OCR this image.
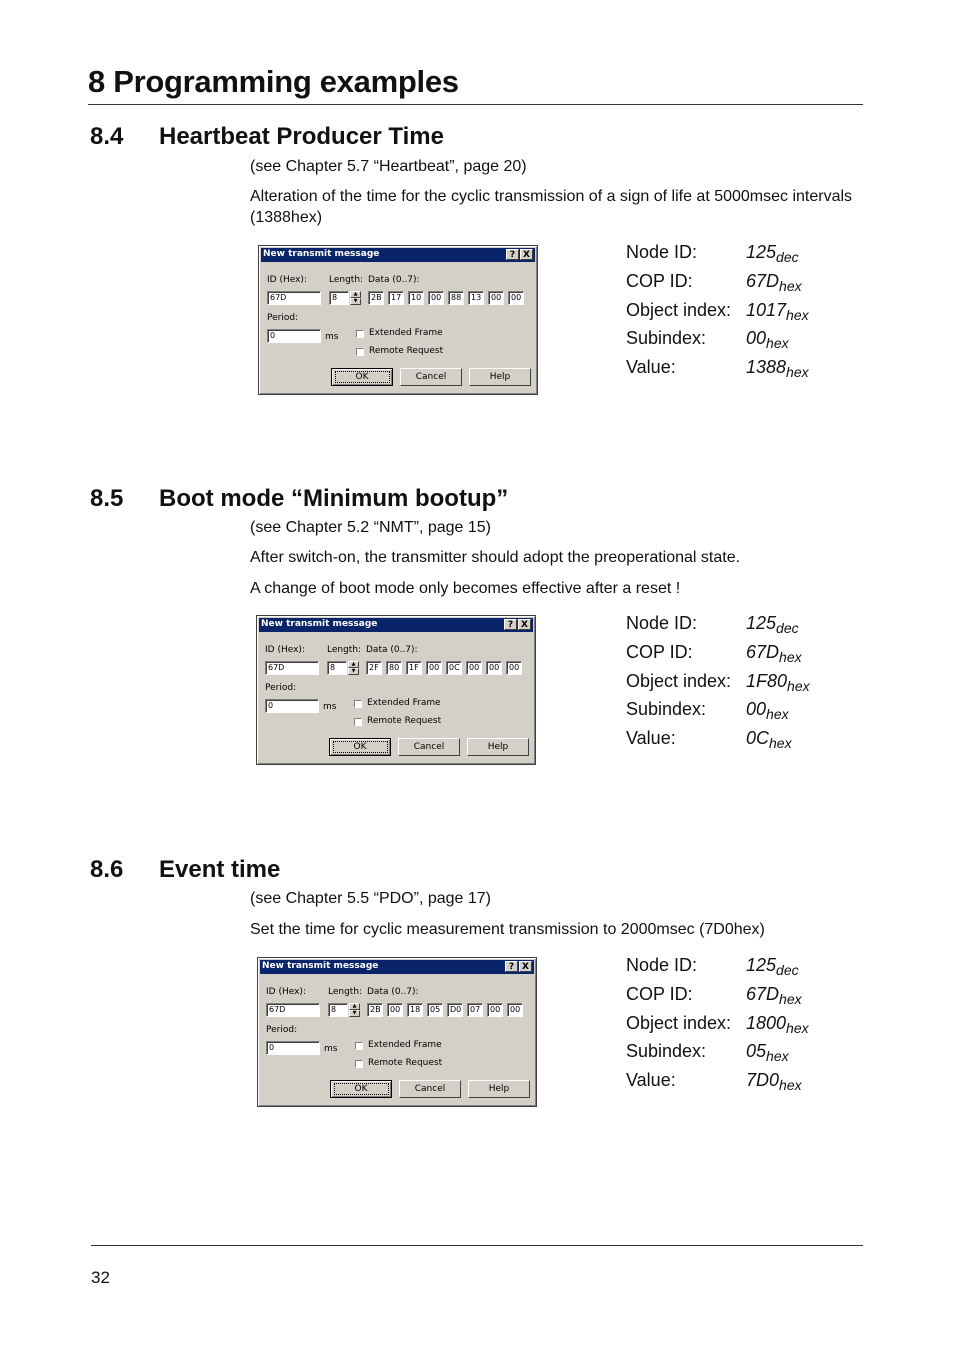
8 Programming examples
8.4 Heartbeat Producer Time
(see Chapter 5.7 “Heartbeat”, page 20)
Alteration of the time for the cyclic transmission of a sign of life at 5000msec intervals (1388hex)
New transmit message	? X
ID (Hex): Length: Data (0..7):
67D	8	▲
▼	2B	17	10	00	88	13	00	00
Period:
0	ms	Extended Frame
Remote Request
OK	Cancel	Help
Node ID:	$125_{dec}$
COP ID:	$67D_{hex}$
Object index: $1017_{hex}$
Subindex: $00_{hex}$
Value:	$1388_{hex}$
8.5 Boot mode “Minimum bootup”
(see Chapter 5.2 “NMT”, page 15)
After switch-on, the transmitter should adopt the preoperational state.
A change of boot mode only becomes effective after a reset !
New transmit message	? X
ID (Hex): Length: Data (0..7):
67D	8	▲
▼	2F	80	1F	00	0C	00	00	00
Period:
0	ms	Extended Frame
Remote Request
OK	Cancel	Help
Node ID:	$125_{dec}$
COP ID:	$67D_{hex}$
Object index: $1F80_{hex}$
Subindex: $00_{hex}$
Value:	$0C_{hex}$
8.6 Event time
(see Chapter 5.5 “PDO”, page 17)
Set the time for cyclic measurement transmission to 2000msec (7D0hex)
New transmit message	? X
ID (Hex): Length: Data (0..7):
67D	8	▲
▼	2B	00	18	05	D0	07	00	00
Period:
0	ms	Extended Frame
Remote Request
OK	Cancel	Help
Node ID:	$125_{dec}$
COP ID:	$67D_{hex}$
Object index: $1800_{hex}$
Subindex: $05_{hex}$
Value:	$7D0_{hex}$
32
